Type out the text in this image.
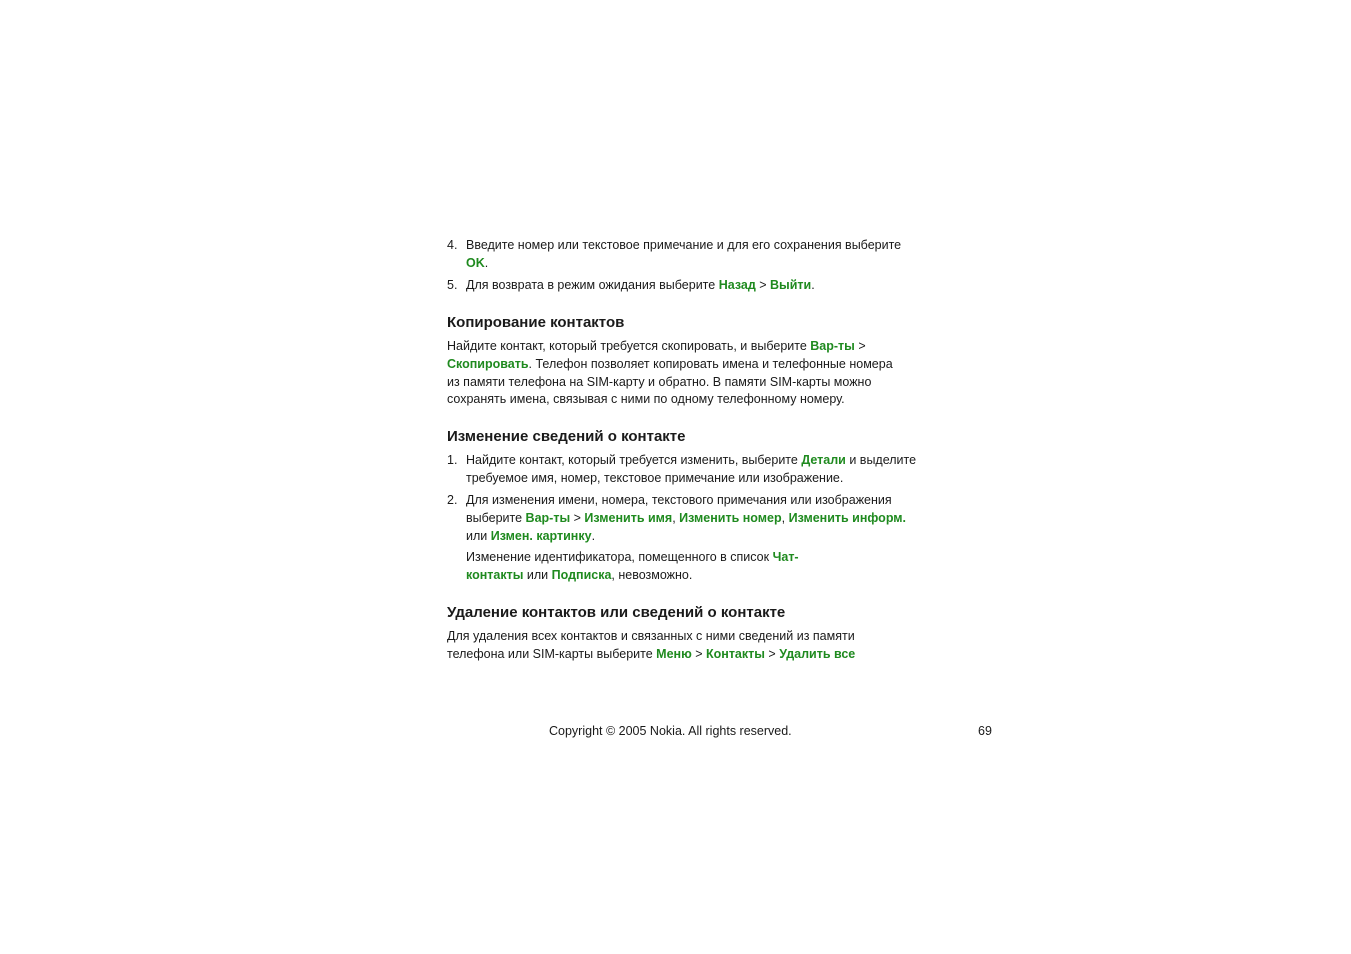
4. Введите номер или текстовое примечание и для его сохранения выберите OK.

5. Для возврата в режим ожидания выберите Назад > Выйти.

Копирование контактов

Найдите контакт, который требуется скопировать, и выберите Вар-ты > Скопировать. Телефон позволяет копировать имена и телефонные номера из памяти телефона на SIM-карту и обратно. В памяти SIM-карты можно сохранять имена, связывая с ними по одному телефонному номеру.

Изменение сведений о контакте
1. Найдите контакт, который требуется изменить, выберите Детали и выделите требуемое имя, номер, текстовое примечание или изображение.

2. Для изменения имени, номера, текстового примечания или изображения выберите Вар-ты > Изменить имя, Изменить номер, Изменить информ. или Измен. картинку.

Изменение идентификатора, помещенного в список Чат-контакты или Подписка, невозможно.

Удаление контактов или сведений о контакте

Для удаления всех контактов и связанных с ними сведений из памяти телефона или SIM-карты выберите Меню > Контакты > Удалить все

Copyright © 2005 Nokia. All rights reserved.	69
